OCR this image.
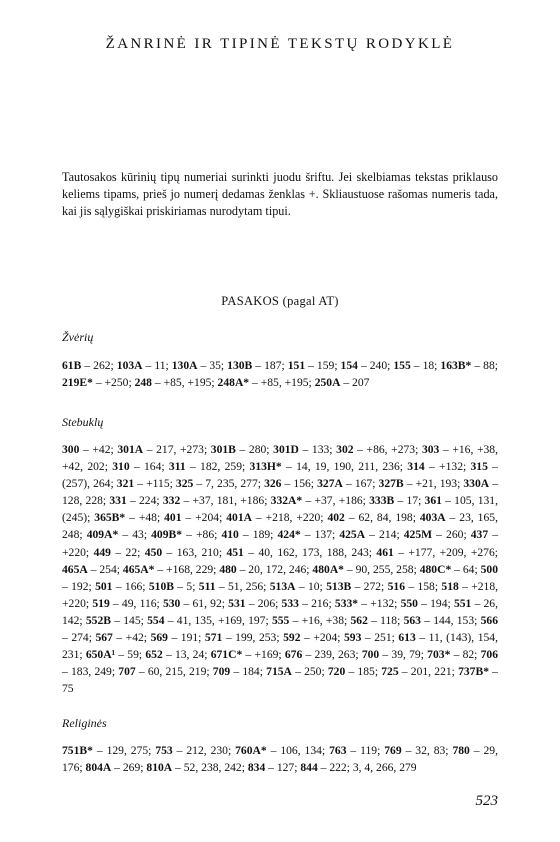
ŽANRINĖ IR TIPINĖ TEKSTŲ RODYKLĖ
Tautosakos kūrinių tipų numeriai surinkti juodu šriftu. Jei skelbiamas tekstas priklauso keliems tipams, prieš jo numerį dedamas ženklas +. Skliaustuose rašomas numeris tada, kai jis sąlygiškai priskiriamas nurodytam tipui.
PASAKOS (pagal AT)
Žvėrių
61B – 262; 103A – 11; 130A – 35; 130B – 187; 151 – 159; 154 – 240; 155 – 18; 163B* – 88; 219E* – +250; 248 – +85, +195; 248A* – +85, +195; 250A – 207
Stebuklų
300 – +42; 301A – 217, +273; 301B – 280; 301D – 133; 302 – +86, +273; 303 – +16, +38, +42, 202; 310 – 164; 311 – 182, 259; 313H* – 14, 19, 190, 211, 236; 314 – +132; 315 – (257), 264; 321 – +115; 325 – 7, 235, 277; 326 – 156; 327A – 167; 327B – +21, 193; 330A – 128, 228; 331 – 224; 332 – +37, 181, +186; 332A* – +37, +186; 333B – 17; 361 – 105, 131, (245); 365B* – +48; 401 – +204; 401A – +218, +220; 402 – 62, 84, 198; 403A – 23, 165, 248; 409A* – 43; 409B* – +86; 410 – 189; 424* – 137; 425A – 214; 425M – 260; 437 – +220; 449 – 22; 450 – 163, 210; 451 – 40, 162, 173, 188, 243; 461 – +177, +209, +276; 465A – 254; 465A* – +168, 229; 480 – 20, 172, 246; 480A* – 90, 255, 258; 480C* – 64; 500 – 192; 501 – 166; 510B – 5; 511 – 51, 256; 513A – 10; 513B – 272; 516 – 158; 518 – +218, +220; 519 – 49, 116; 530 – 61, 92; 531 – 206; 533 – 216; 533* – +132; 550 – 194; 551 – 26, 142; 552B – 145; 554 – 41, 135, +169, 197; 555 – +16, +38; 562 – 118; 563 – 144, 153; 566 – 274; 567 – +42; 569 – 191; 571 – 199, 253; 592 – +204; 593 – 251; 613 – 11, (143), 154, 231; 650A¹ – 59; 652 – 13, 24; 671C* – +169; 676 – 239, 263; 700 – 39, 79; 703* – 82; 706 – 183, 249; 707 – 60, 215, 219; 709 – 184; 715A – 250; 720 – 185; 725 – 201, 221; 737B* – 75
Religinės
751B* – 129, 275; 753 – 212, 230; 760A* – 106, 134; 763 – 119; 769 – 32, 83; 780 – 29, 176; 804A – 269; 810A – 52, 238, 242; 834 – 127; 844 – 222; 3, 4, 266, 279
523
